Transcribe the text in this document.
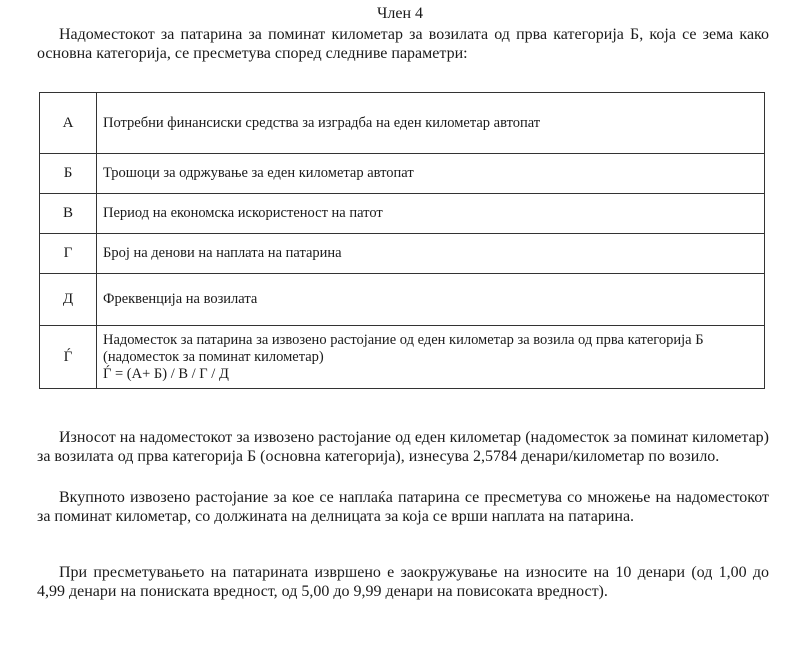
Член 4
Надоместокот за патарина за поминат километар за возилата од прва категорија Б, која се зема како основна категорија, се пресметува според следниве параметри:
А	Потребни финансиски средства за изградба на еден километар автопат
Б	Трошоци за одржување за еден километар автопат
В	Период на економска искористеност на патот
Г	Број на денови на наплата на патарина
Д	Фреквенција на возилата
Ѓ	Надоместок за патарина за извозено растојание од еден километар за возила од прва категорија Б (надоместок за поминат километар)
Ѓ = (А+ Б) / В / Г / Д
Износот на надоместокот за извозено растојание од еден километар (надоместок за поминат километар) за возилата од прва категорија Б (основна категорија), изнесува 2,5784 денари/километар по возило.
Вкупното извозено растојание за кое се наплаќа патарина се пресметува со множење на надоместокот за поминат километар, со должината на делницата за која се врши наплата на патарина.
При пресметувањето на патарината извршено е заокружување на износите на 10 денари (од 1,00 до 4,99 денари на понискатa вредност, од 5,00 до 9,99 денари на повисоката вредност).
